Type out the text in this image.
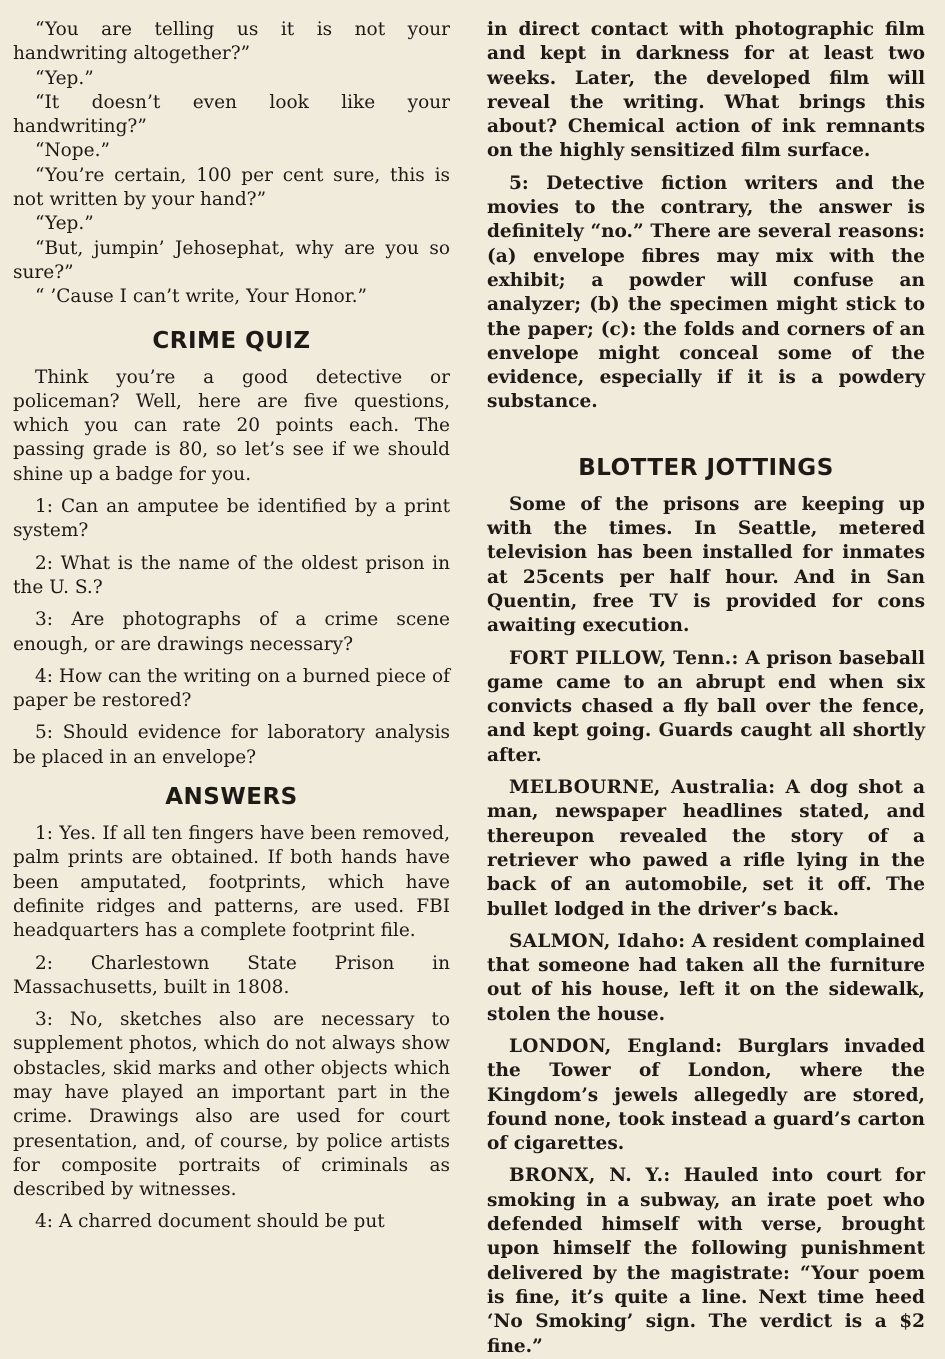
“You are telling us it is not your handwriting altogether?”

“Yep.”

“It doesn’t even look like your handwriting?”

“Nope.”

“You’re certain, 100 per cent sure, this is not written by your hand?”

“Yep.”

“But, jumpin’ Jehosephat, why are you so sure?”

“ ’Cause I can’t write, Your Honor.”

CRIME QUIZ

Think you’re a good detective or policeman? Well, here are five questions, which you can rate 20 points each. The passing grade is 80, so let’s see if we should shine up a badge for you.

1: Can an amputee be identified by a print system?

2: What is the name of the oldest prison in the U. S.?

3: Are photographs of a crime scene enough, or are drawings necessary?

4: How can the writing on a burned piece of paper be restored?

5: Should evidence for laboratory analysis be placed in an envelope?

ANSWERS

1: Yes. If all ten fingers have been removed, palm prints are obtained. If both hands have been amputated, footprints, which have definite ridges and patterns, are used. FBI headquarters has a complete footprint file.

2: Charlestown State Prison in Massachusetts, built in 1808.

3: No, sketches also are necessary to supplement photos, which do not always show obstacles, skid marks and other objects which may have played an important part in the crime. Drawings also are used for court presentation, and, of course, by police artists for composite portraits of criminals as described by witnesses.

4: A charred document should be put

in direct contact with photographic film and kept in darkness for at least two weeks. Later, the developed film will reveal the writing. What brings this about? Chemical action of ink remnants on the highly sensitized film surface.

5: Detective fiction writers and the movies to the contrary, the answer is definitely “no.” There are several reasons: (a) envelope fibres may mix with the exhibit; a powder will confuse an analyzer; (b) the specimen might stick to the paper; (c): the folds and corners of an envelope might conceal some of the evidence, especially if it is a powdery substance.

BLOTTER JOTTINGS

Some of the prisons are keeping up with the times. In Seattle, metered television has been installed for inmates at 25cents per half hour. And in San Quentin, free TV is provided for cons awaiting execution.

FORT PILLOW, Tenn.: A prison baseball game came to an abrupt end when six convicts chased a fly ball over the fence, and kept going. Guards caught all shortly after.

MELBOURNE, Australia: A dog shot a man, newspaper headlines stated, and thereupon revealed the story of a retriever who pawed a rifle lying in the back of an automobile, set it off. The bullet lodged in the driver’s back.

SALMON, Idaho: A resident complained that someone had taken all the furniture out of his house, left it on the sidewalk, stolen the house.

LONDON, England: Burglars invaded the Tower of London, where the Kingdom’s jewels allegedly are stored, found none, took instead a guard’s carton of cigarettes.

BRONX, N. Y.: Hauled into court for smoking in a subway, an irate poet who defended himself with verse, brought upon himself the following punishment delivered by the magistrate: “Your poem is fine, it’s quite a line. Next time heed ‘No Smoking’ sign. The verdict is a $2 fine.”
